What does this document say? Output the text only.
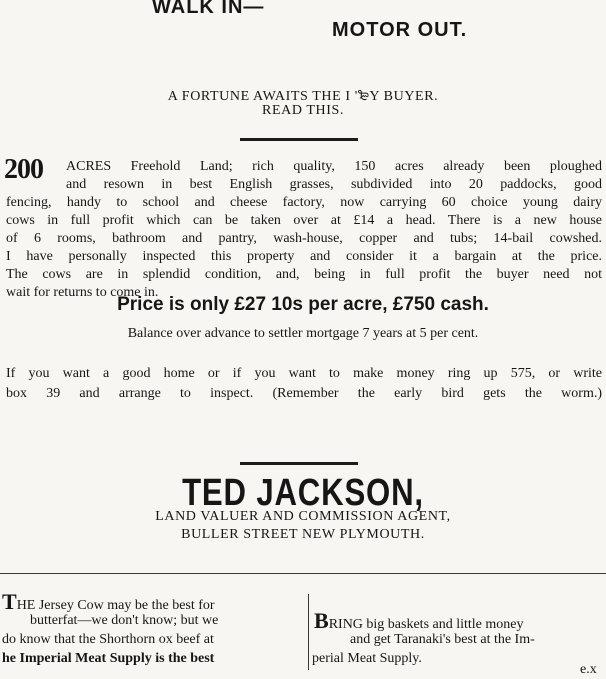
WALK IN—
MOTOR OUT.
A FORTUNE AWAITS THE I '₻Y BUYER.
READ THIS.
200 ACRES Freehold Land; rich quality, 150 acres already been ploughed
and resown in best English grasses, subdivided into 20 paddocks, good
fencing, handy to school and cheese factory, now carrying 60 choice young dairy
cows in full profit which can be taken over at £14 a head. There is a new house
of 6 rooms, bathroom and pantry, wash-house, copper and tubs; 14-bail cowshed.
I have personally inspected this property and consider it a bargain at the price.
The cows are in splendid condition, and, being in full profit the buyer need not
wait for returns to come in.
Price is only £27 10s per acre, £750 cash.
Balance over advance to settler mortgage 7 years at 5 per cent.
If you want a good home or if you want to make money ring up 575, or write
box 39 and arrange to inspect. (Remember the early bird gets the worm.)
TED JACKSON,
LAND VALUER AND COMMISSION AGENT,
BULLER STREET NEW PLYMOUTH.
THE Jersey Cow may be the best for
butterfat—we don't know; but we
do know that the Shorthorn ox beef at
he Imperial Meat Supply is the best
BRING big baskets and little money
and get Taranaki's best at the Im-
perial Meat Supply.
e.x
